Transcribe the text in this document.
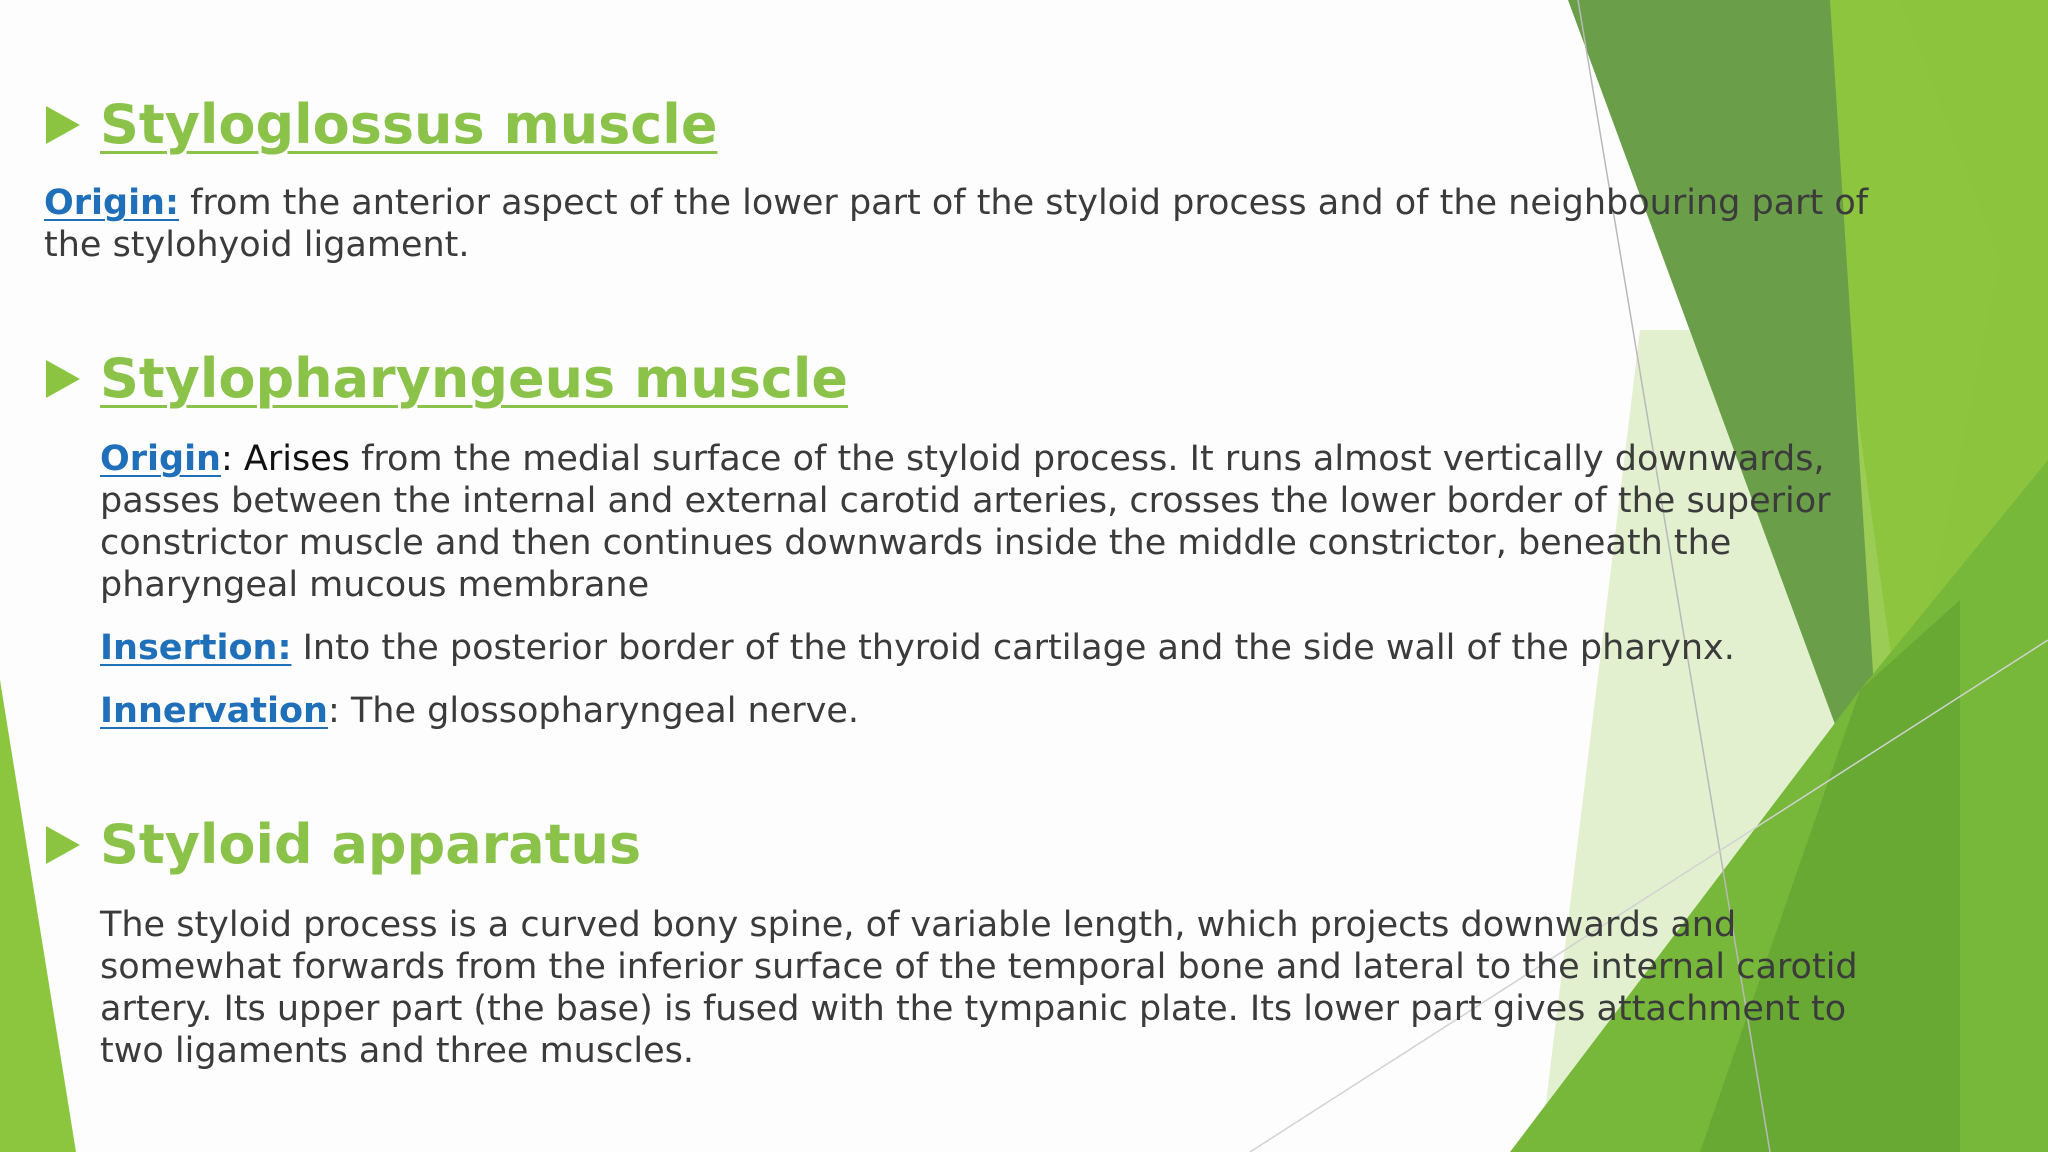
Styloglossus muscle
Origin: from the anterior aspect of the lower part of the styloid process and of the neighbouring part of the stylohyoid ligament.
Stylopharyngeus muscle
Origin: Arises from the medial surface of the styloid process. It runs almost vertically downwards, passes between the internal and external carotid arteries, crosses the lower border of the superior constrictor muscle and then continues downwards inside the middle constrictor, beneath the pharyngeal mucous membrane
Insertion: Into the posterior border of the thyroid cartilage and the side wall of the pharynx.
Innervation: The glossopharyngeal nerve.
Styloid apparatus
The styloid process is a curved bony spine, of variable length, which projects downwards and somewhat forwards from the inferior surface of the temporal bone and lateral to the internal carotid artery. Its upper part (the base) is fused with the tympanic plate. Its lower part gives attachment to two ligaments and three muscles.
